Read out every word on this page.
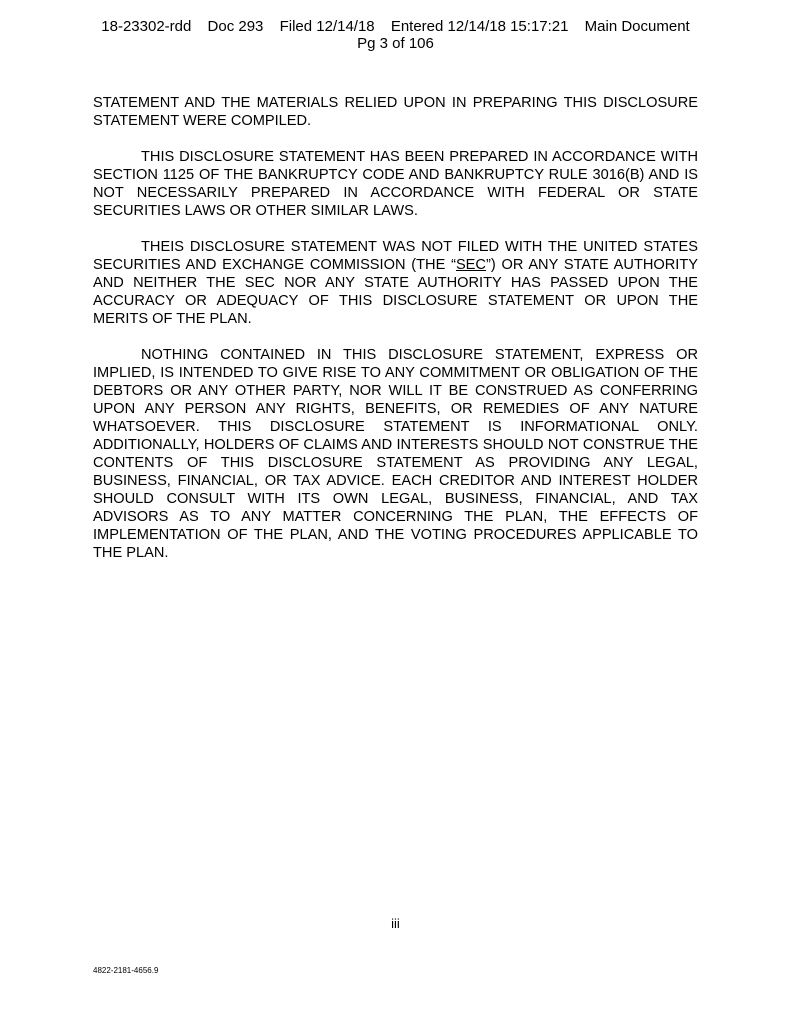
18-23302-rdd Doc 293 Filed 12/14/18 Entered 12/14/18 15:17:21 Main Document
Pg 3 of 106

STATEMENT AND THE MATERIALS RELIED UPON IN PREPARING THIS DISCLOSURE STATEMENT WERE COMPILED.

THIS DISCLOSURE STATEMENT HAS BEEN PREPARED IN ACCORDANCE WITH SECTION 1125 OF THE BANKRUPTCY CODE AND BANKRUPTCY RULE 3016(B) AND IS NOT NECESSARILY PREPARED IN ACCORDANCE WITH FEDERAL OR STATE SECURITIES LAWS OR OTHER SIMILAR LAWS.

THEIS DISCLOSURE STATEMENT WAS NOT FILED WITH THE UNITED STATES SECURITIES AND EXCHANGE COMMISSION (THE “SEC”) OR ANY STATE AUTHORITY AND NEITHER THE SEC NOR ANY STATE AUTHORITY HAS PASSED UPON THE ACCURACY OR ADEQUACY OF THIS DISCLOSURE STATEMENT OR UPON THE MERITS OF THE PLAN.

NOTHING CONTAINED IN THIS DISCLOSURE STATEMENT, EXPRESS OR IMPLIED, IS INTENDED TO GIVE RISE TO ANY COMMITMENT OR OBLIGATION OF THE DEBTORS OR ANY OTHER PARTY, NOR WILL IT BE CONSTRUED AS CONFERRING UPON ANY PERSON ANY RIGHTS, BENEFITS, OR REMEDIES OF ANY NATURE WHATSOEVER. THIS DISCLOSURE STATEMENT IS INFORMATIONAL ONLY. ADDITIONALLY, HOLDERS OF CLAIMS AND INTERESTS SHOULD NOT CONSTRUE THE CONTENTS OF THIS DISCLOSURE STATEMENT AS PROVIDING ANY LEGAL, BUSINESS, FINANCIAL, OR TAX ADVICE. EACH CREDITOR AND INTEREST HOLDER SHOULD CONSULT WITH ITS OWN LEGAL, BUSINESS, FINANCIAL, AND TAX ADVISORS AS TO ANY MATTER CONCERNING THE PLAN, THE EFFECTS OF IMPLEMENTATION OF THE PLAN, AND THE VOTING PROCEDURES APPLICABLE TO THE PLAN.

iii
4822-2181-4656.9
